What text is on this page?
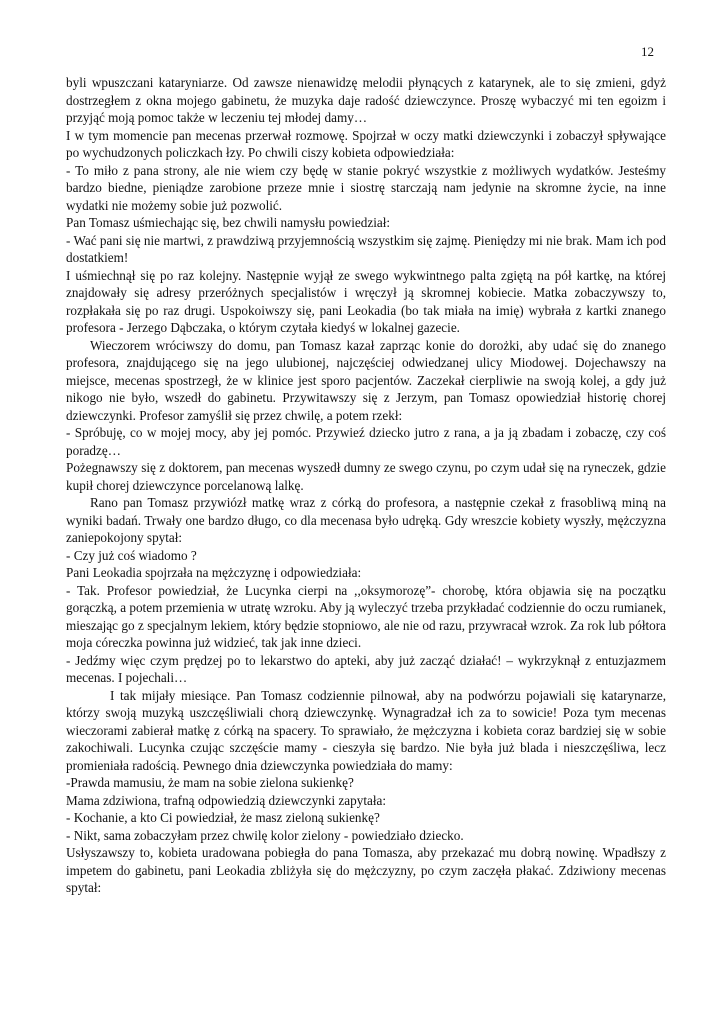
12

byli wpuszczani kataryniarze. Od zawsze nienawidzę melodii płynących z katarynek, ale to się zmieni, gdyż dostrzegłem z okna mojego gabinetu, że muzyka daje radość dziewczynce. Proszę wybaczyć mi ten egoizm i przyjąć moją pomoc także w leczeniu tej młodej damy…

I w tym momencie pan mecenas przerwał rozmowę. Spojrzał w oczy matki dziewczynki i zobaczył spływające po wychudzonych policzkach łzy. Po chwili ciszy kobieta odpowiedziała:

- To miło z pana strony, ale nie wiem czy będę w stanie pokryć wszystkie z możliwych wydatków. Jesteśmy bardzo biedne, pieniądze zarobione przeze mnie i siostrę starczają nam jedynie na skromne życie, na inne wydatki nie możemy sobie już pozwolić.

Pan Tomasz uśmiechając się, bez chwili namysłu powiedział:

- Wać pani się nie martwi, z prawdziwą przyjemnością wszystkim się zajmę. Pieniędzy mi nie brak. Mam ich pod dostatkiem!

I uśmiechnął się po raz kolejny. Następnie wyjął ze swego wykwintnego palta zgiętą na pół kartkę, na której znajdowały się adresy przeróżnych specjalistów i wręczył ją skromnej kobiecie. Matka zobaczywszy to, rozpłakała się po raz drugi. Uspokoiwszy się, pani Leokadia (bo tak miała na imię) wybrała z kartki znanego profesora - Jerzego Dąbczaka, o którym czytała kiedyś w lokalnej gazecie.

Wieczorem wróciwszy do domu, pan Tomasz kazał zaprząc konie do dorożki, aby udać się do znanego profesora, znajdującego się na jego ulubionej, najczęściej odwiedzanej ulicy Miodowej. Dojechawszy na miejsce, mecenas spostrzegł, że w klinice jest sporo pacjentów. Zaczekał cierpliwie na swoją kolej, a gdy już nikogo nie było, wszedł do gabinetu. Przywitawszy się z Jerzym, pan Tomasz opowiedział historię chorej dziewczynki. Profesor zamyślił się przez chwilę, a potem rzekł:

- Spróbuję, co w mojej mocy, aby jej pomóc. Przywieź dziecko jutro z rana, a ja ją zbadam i zobaczę, czy coś poradzę…

Pożegnawszy się z doktorem, pan mecenas wyszedł dumny ze swego czynu, po czym udał się na ryneczek, gdzie kupił chorej dziewczynce porcelanową lalkę.

Rano pan Tomasz przywiózł matkę wraz z córką do profesora, a następnie czekał z frasobliwą miną na wyniki badań. Trwały one bardzo długo, co dla mecenasa było udręką. Gdy wreszcie kobiety wyszły, mężczyzna zaniepokojony spytał:

- Czy już coś wiadomo ?

Pani Leokadia spojrzała na mężczyznę i odpowiedziała:

- Tak. Profesor powiedział, że Lucynka cierpi na ,,oksymorozę”- chorobę, która objawia się na początku gorączką, a potem przemienia w utratę wzroku. Aby ją wyleczyć trzeba przykładać codziennie do oczu rumianek, mieszając go z specjalnym lekiem, który będzie stopniowo, ale nie od razu, przywracał wzrok. Za rok lub półtora moja córeczka powinna już widzieć, tak jak inne dzieci.

- Jedźmy więc czym prędzej po to lekarstwo do apteki, aby już zacząć działać! – wykrzyknął z entuzjazmem mecenas. I pojechali…

I tak mijały miesiące. Pan Tomasz codziennie pilnował, aby na podwórzu pojawiali się katarynarze, którzy swoją muzyką uszczęśliwiali chorą dziewczynkę. Wynagradzał ich za to sowicie! Poza tym mecenas wieczorami zabierał matkę z córką na spacery. To sprawiało, że mężczyzna i kobieta coraz bardziej się w sobie zakochiwali. Lucynka czując szczęście mamy - cieszyła się bardzo. Nie była już blada i nieszczęśliwa, lecz promieniała radością. Pewnego dnia dziewczynka powiedziała do mamy:

-Prawda mamusiu, że mam na sobie zielona sukienkę?

Mama zdziwiona, trafną odpowiedzią dziewczynki zapytała:

- Kochanie, a kto Ci powiedział, że masz zieloną sukienkę?

- Nikt, sama zobaczyłam przez chwilę kolor zielony - powiedziało dziecko.

Usłyszawszy to, kobieta uradowana pobiegła do pana Tomasza, aby przekazać mu dobrą nowinę. Wpadłszy z impetem do gabinetu, pani Leokadia zbliżyła się do mężczyzny, po czym zaczęła płakać. Zdziwiony mecenas spytał:
